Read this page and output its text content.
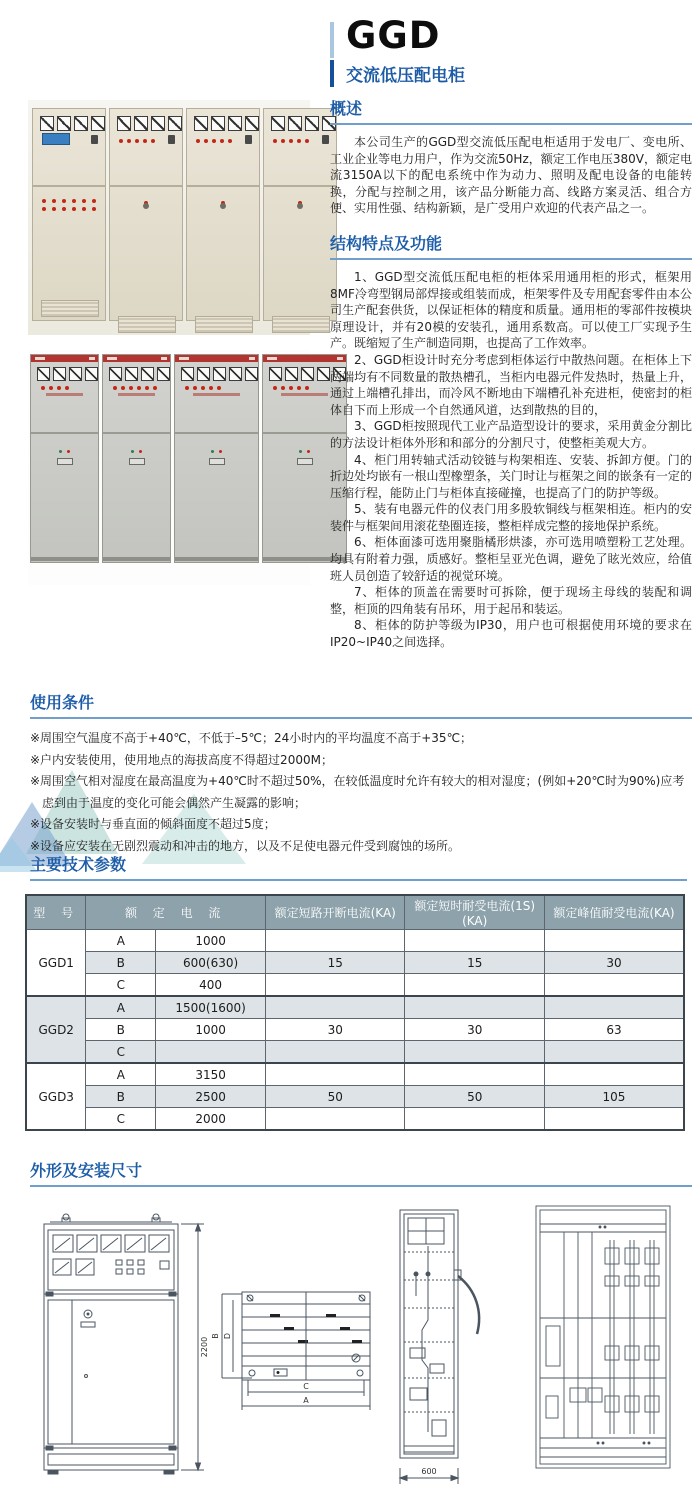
GGD
交流低压配电柜
概述

本公司生产的GGD型交流低压配电柜适用于发电厂、变电所、工业企业等电力用户，作为交流50Hz，额定工作电压380V，额定电流3150A以下的配电系统中作为动力、照明及配电设备的电能转换，分配与控制之用，该产品分断能力高、线路方案灵活、组合方便、实用性强、结构新颖，是广受用户欢迎的代表产品之一。

结构特点及功能

1、GGD型交流低压配电柜的柜体采用通用柜的形式，框架用 8MF冷弯型钢局部焊接或组装而成，柜架零件及专用配套零件由本公司生产配套供货，以保证柜体的精度和质量。通用柜的零部件按模块原理设计，并有20模的安装孔，通用系数高。可以使工厂实现予生产。既缩短了生产制造同期，也提高了工作效率。

2、GGD柜设计时充分考虑到柜体运行中散热问题。在柜体上下两端均有不同数量的散热槽孔，当柜内电器元件发热时，热量上升，通过上端槽孔排出，而冷风不断地由下端槽孔补充进柜，使密封的柜体自下而上形成一个自然通风道，达到散热的目的，

3、GGD柜按照现代工业产品造型设计的要求，采用黄金分割比的方法设计柜体外形和和部分的分割尺寸，使整柜美观大方。

4、柜门用转轴式活动铰链与构架相连、安装、拆卸方便。门的折边处均嵌有一根山型橡塑条，关门时让与框架之间的嵌条有一定的压缩行程，能防止门与柜体直接碰撞，也提高了门的防护等级。

5、装有电器元件的仪表门用多股软铜线与框架相连。柜内的安装件与框架间用滚花垫圈连接，整柜样成完整的接地保护系统。

6、柜体面漆可选用聚脂橘形烘漆，亦可选用喷塑粉工艺处理。均具有附着力强，质感好。整柜呈亚光色调，避免了眩光效应，给值班人员创造了较舒适的视觉环境。

7、柜体的顶盖在需要时可拆除，便于现场主母线的装配和调整，柜顶的四角装有吊环，用于起吊和装运。

8、柜体的防护等级为IP30，用户也可根据使用环境的要求在IP20~IP40之间选择。

使用条件
※周围空气温度不高于+40℃，不低于–5℃；24小时内的平均温度不高于+35℃；
※户内安装使用，使用地点的海拔高度不得超过2000M；
※周围空气相对湿度在最高温度为+40℃时不超过50%，在较低温度时允许有较大的相对湿度；(例如+20℃时为90%)应考虑到由于温度的变化可能会偶然产生凝露的影响；
※设备安装时与垂直面的倾斜面度不超过5度；
※设备应安装在无剧烈震动和冲击的地方，以及不足使电器元件受到腐蚀的场所。
主要技术参数
型 号	额 定 电 流		额定短路开断电流(KA)	额定短时耐受电流(1S) (KA)	额定峰值耐受电流(KA)
GGD1	A	1000			
	B	600(630)	15	15	30
	C	400			
GGD2	A	1500(1600)			
	B	1000	30	30	63
	C				
GGD3	A	3150			
	B	2500	50	50	105
	C	2000			
外形及安装尺寸
2200
B D
C
A
600
